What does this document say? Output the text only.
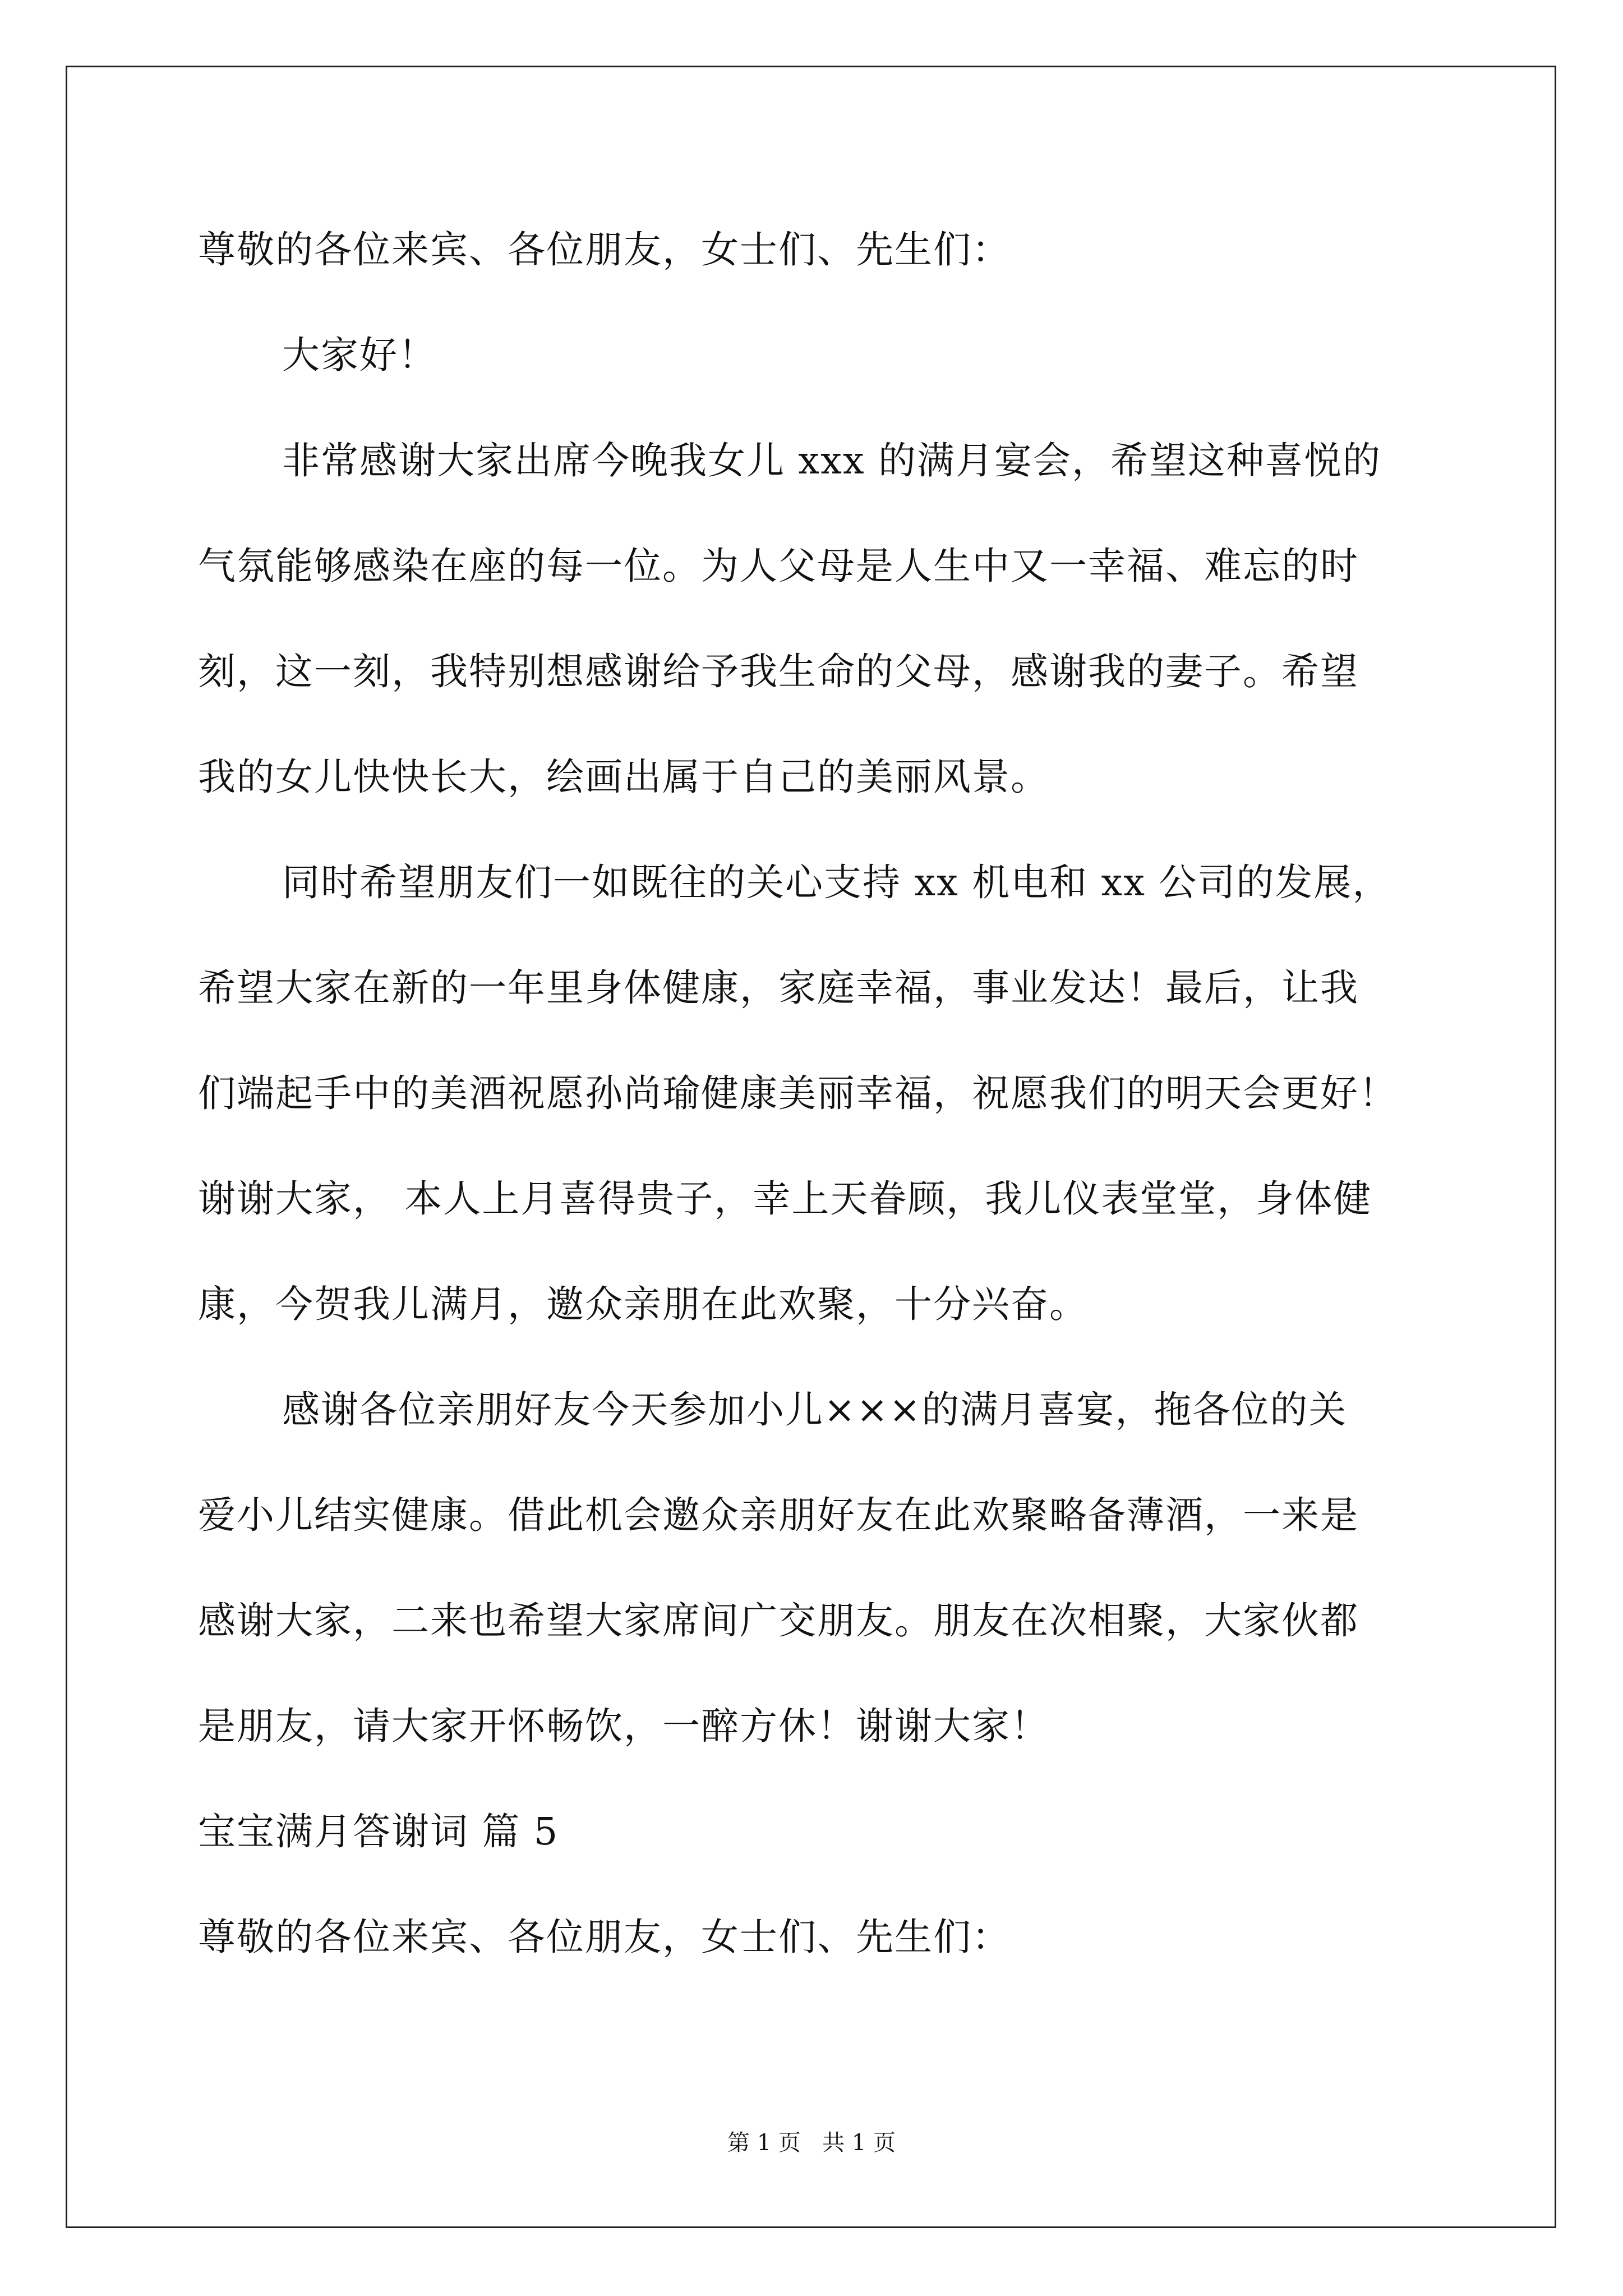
尊敬的各位来宾、各位朋友，女士们、先生们：
大家好！
非常感谢大家出席今晚我女儿 xxx 的满月宴会，希望这种喜悦的
气氛能够感染在座的每一位。为人父母是人生中又一幸福、难忘的时
刻，这一刻，我特别想感谢给予我生命的父母，感谢我的妻子。希望
我的女儿快快长大，绘画出属于自己的美丽风景。
同时希望朋友们一如既往的关心支持 xx 机电和 xx 公司的发展，
希望大家在新的一年里身体健康，家庭幸福，事业发达！最后，让我
们端起手中的美酒祝愿孙尚瑜健康美丽幸福，祝愿我们的明天会更好！
谢谢大家， 本人上月喜得贵子，幸上天眷顾，我儿仪表堂堂，身体健
康，今贺我儿满月，邀众亲朋在此欢聚，十分兴奋。
感谢各位亲朋好友今天参加小儿×××的满月喜宴，拖各位的关
爱小儿结实健康。借此机会邀众亲朋好友在此欢聚略备薄酒，一来是
感谢大家，二来也希望大家席间广交朋友。朋友在次相聚，大家伙都
是朋友，请大家开怀畅饮，一醉方休！谢谢大家！
宝宝满月答谢词 篇 5
尊敬的各位来宾、各位朋友，女士们、先生们：
第 1 页   共 1 页
